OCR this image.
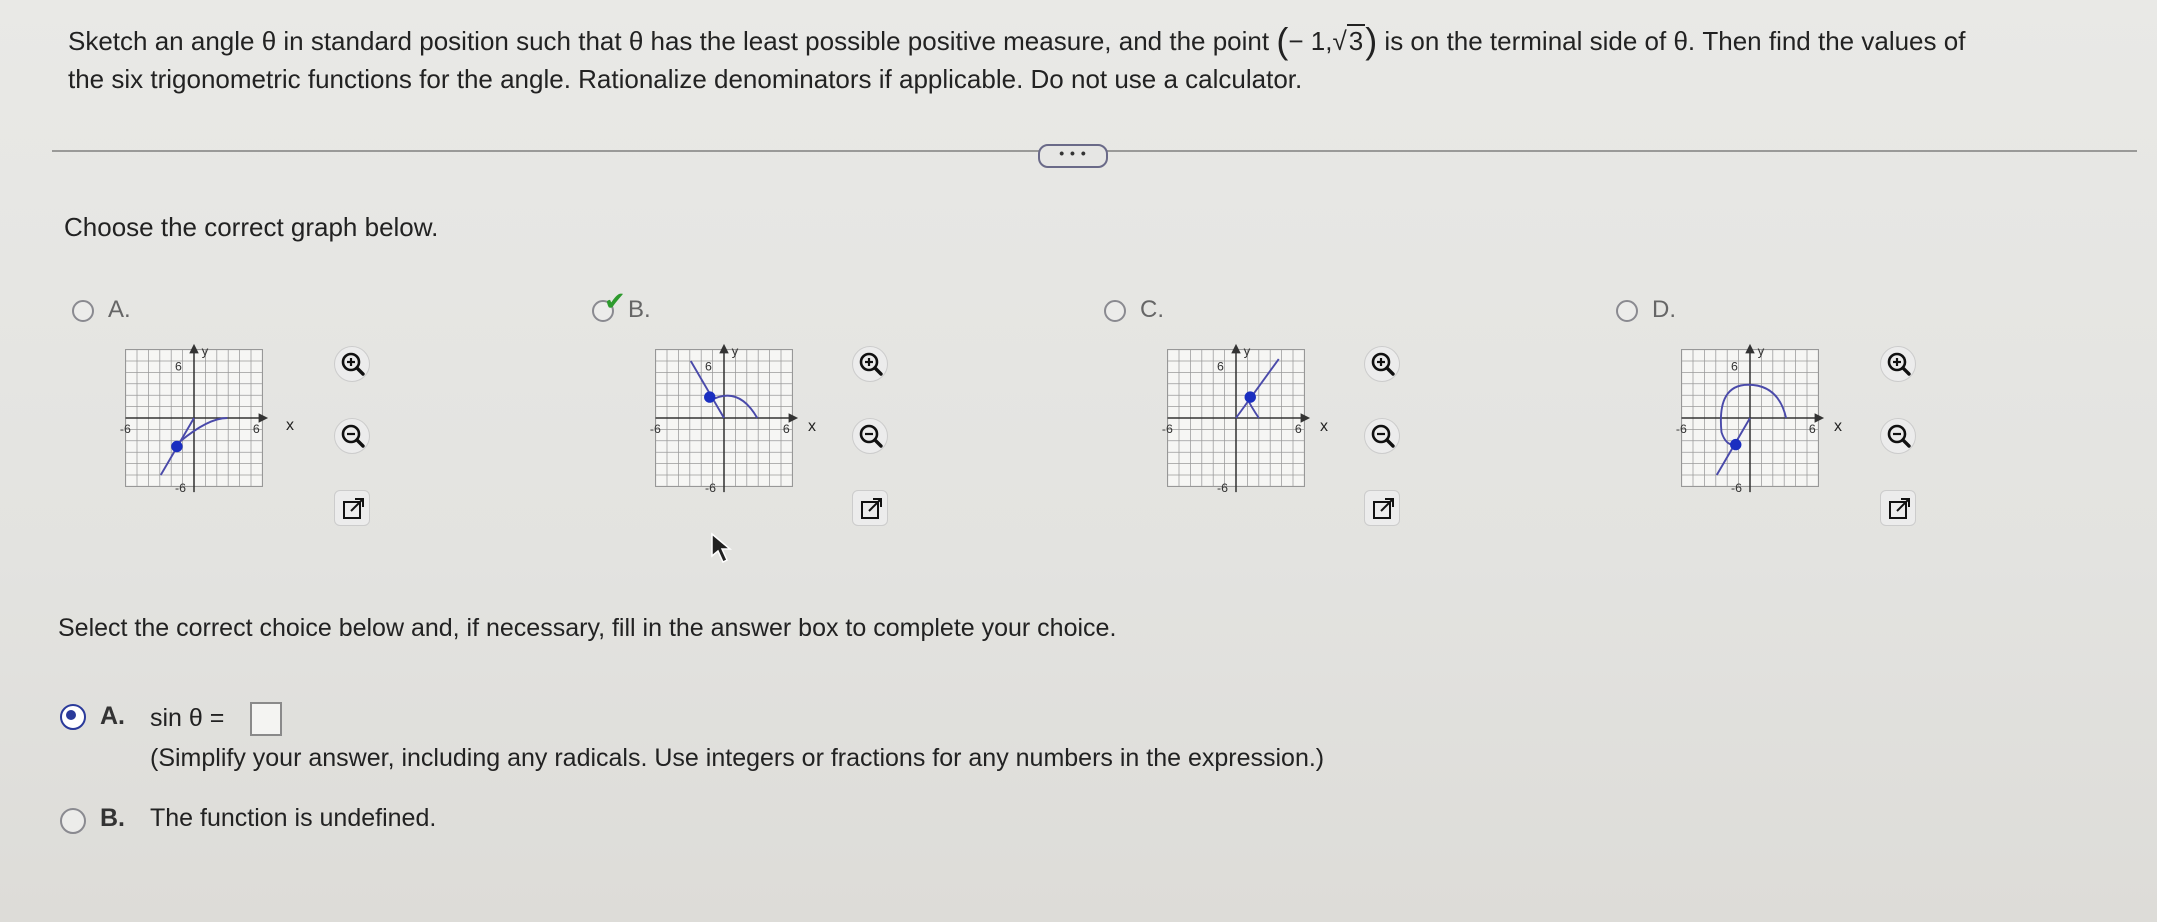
Sketch an angle θ in standard position such that θ has the least possible positive measure, and the point (− 1,√3) is on the terminal side of θ. Then find the values of
the six trigonometric functions for the angle. Rationalize denominators if applicable. Do not use a calculator.
• • •
Choose the correct graph below.
A.
6
-6	6
-6
y
x
✔ B.
6
-6	6
-6
y
x
C.
6
-6	6
-6
y
x
D.
6
-6	6
-6
y
x
Select the correct choice below and, if necessary, fill in the answer box to complete your choice.
A. sin θ =
(Simplify your answer, including any radicals. Use integers or fractions for any numbers in the expression.)
B. The function is undefined.
